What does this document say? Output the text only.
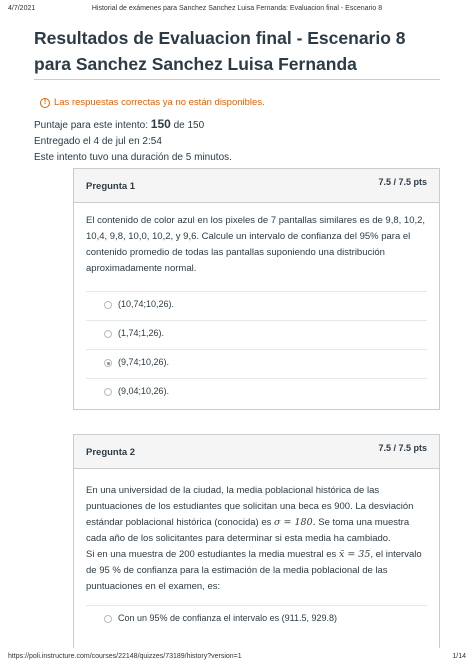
4/7/2021	Historial de exámenes para Sanchez Sanchez Luisa Fernanda: Evaluacion final - Escenario 8
Resultados de Evaluacion final - Escenario 8 para Sanchez Sanchez Luisa Fernanda
! Las respuestas correctas ya no están disponibles.
Puntaje para este intento: 150 de 150
Entregado el 4 de jul en 2:54
Este intento tuvo una duración de 5 minutos.
Pregunta 1	7.5 / 7.5 pts
El contenido de color azul en los pixeles de 7 pantallas similares es de 9,8, 10,2, 10,4, 9,8, 10,0, 10,2, y 9,6. Calcule un intervalo de confianza del 95% para el contenido promedio de todas las pantallas suponiendo una distribución aproximadamente normal.
(10,74;10,26).
(1,74;1,26).
(9,74;10,26).
(9,04;10,26).
Pregunta 2	7.5 / 7.5 pts
En una universidad de la ciudad, la media poblacional histórica de las puntuaciones de los estudiantes que solicitan una beca es 900. La desviación estándar poblacional histórica (conocida) es σ = 180. Se toma una muestra cada año de los solicitantes para determinar si esta media ha cambiado.
Si en una muestra de 200 estudiantes la media muestral es x̄ = 35, el intervalo de 95 % de confianza para la estimación de la media poblacional de las puntuaciones en el examen, es:
Con un 95% de confianza el intervalo es (911.5, 929.8)
https://poli.instructure.com/courses/22148/quizzes/73189/history?version=1	1/14
